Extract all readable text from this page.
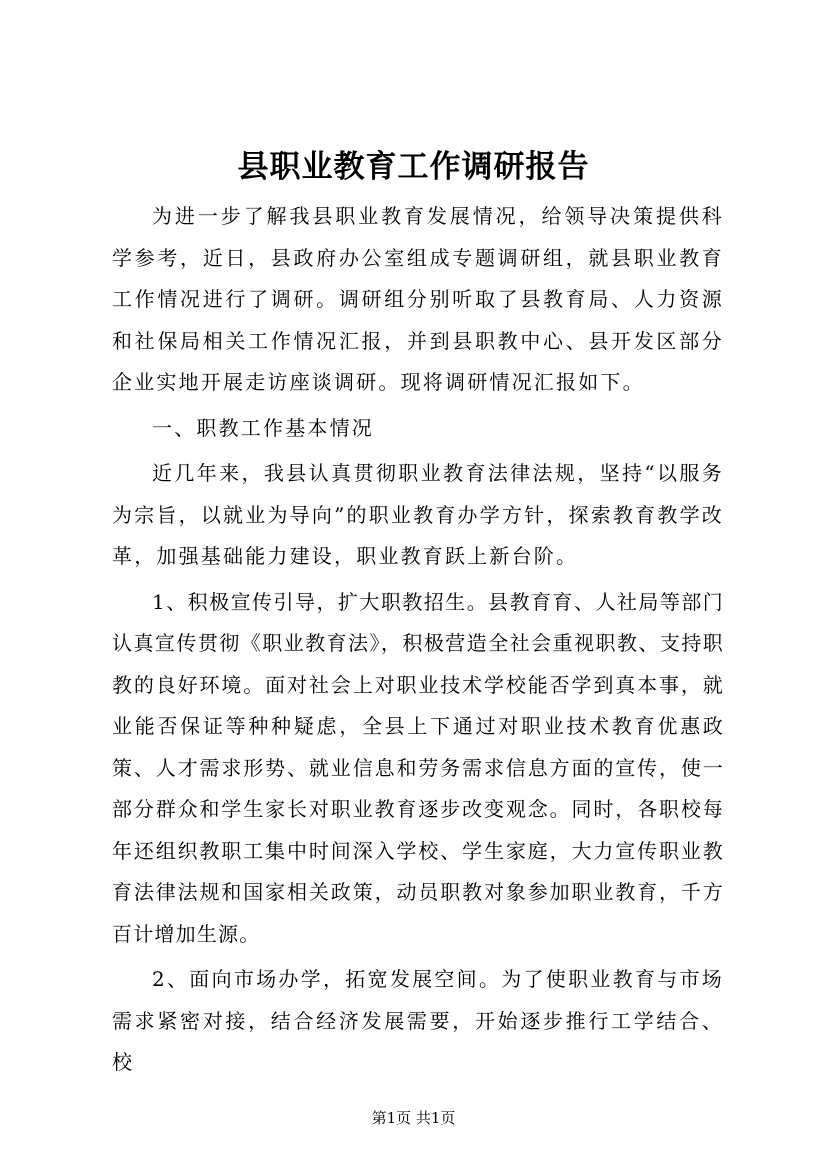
县职业教育工作调研报告

为进一步了解我县职业教育发展情况，给领导决策提供科学参考，近日，县政府办公室组成专题调研组，就县职业教育工作情况进行了调研。调研组分别听取了县教育局、人力资源和社保局相关工作情况汇报，并到县职教中心、县开发区部分企业实地开展走访座谈调研。现将调研情况汇报如下。

一、职教工作基本情况

近几年来，我县认真贯彻职业教育法律法规，坚持“以服务为宗旨，以就业为导向”的职业教育办学方针，探索教育教学改革，加强基础能力建设，职业教育跃上新台阶。

1、积极宣传引导，扩大职教招生。县教育育、人社局等部门认真宣传贯彻《职业教育法》，积极营造全社会重视职教、支持职教的良好环境。面对社会上对职业技术学校能否学到真本事，就业能否保证等种种疑虑，全县上下通过对职业技术教育优惠政策、人才需求形势、就业信息和劳务需求信息方面的宣传，使一部分群众和学生家长对职业教育逐步改变观念。同时，各职校每年还组织教职工集中时间深入学校、学生家庭，大力宣传职业教育法律法规和国家相关政策，动员职教对象参加职业教育，千方百计增加生源。

2、面向市场办学，拓宽发展空间。为了使职业教育与市场需求紧密对接，结合经济发展需要，开始逐步推行工学结合、校

第1页 共1页
